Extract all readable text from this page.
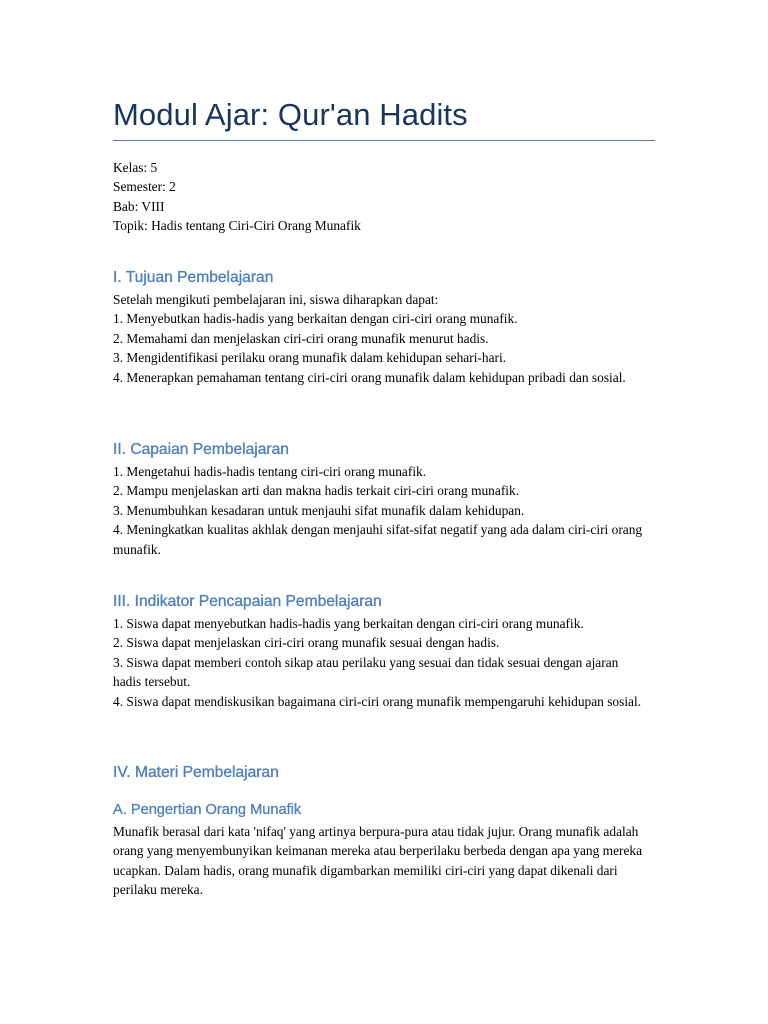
Modul Ajar: Qur'an Hadits
Kelas: 5
Semester: 2
Bab: VIII
Topik: Hadis tentang Ciri-Ciri Orang Munafik
I. Tujuan Pembelajaran
Setelah mengikuti pembelajaran ini, siswa diharapkan dapat:
1. Menyebutkan hadis-hadis yang berkaitan dengan ciri-ciri orang munafik.
2. Memahami dan menjelaskan ciri-ciri orang munafik menurut hadis.
3. Mengidentifikasi perilaku orang munafik dalam kehidupan sehari-hari.
4. Menerapkan pemahaman tentang ciri-ciri orang munafik dalam kehidupan pribadi dan sosial.
II. Capaian Pembelajaran
1. Mengetahui hadis-hadis tentang ciri-ciri orang munafik.
2. Mampu menjelaskan arti dan makna hadis terkait ciri-ciri orang munafik.
3. Menumbuhkan kesadaran untuk menjauhi sifat munafik dalam kehidupan.
4. Meningkatkan kualitas akhlak dengan menjauhi sifat-sifat negatif yang ada dalam ciri-ciri orang munafik.
III. Indikator Pencapaian Pembelajaran
1. Siswa dapat menyebutkan hadis-hadis yang berkaitan dengan ciri-ciri orang munafik.
2. Siswa dapat menjelaskan ciri-ciri orang munafik sesuai dengan hadis.
3. Siswa dapat memberi contoh sikap atau perilaku yang sesuai dan tidak sesuai dengan ajaran hadis tersebut.
4. Siswa dapat mendiskusikan bagaimana ciri-ciri orang munafik mempengaruhi kehidupan sosial.
IV. Materi Pembelajaran
A. Pengertian Orang Munafik
Munafik berasal dari kata 'nifaq' yang artinya berpura-pura atau tidak jujur. Orang munafik adalah orang yang menyembunyikan keimanan mereka atau berperilaku berbeda dengan apa yang mereka ucapkan. Dalam hadis, orang munafik digambarkan memiliki ciri-ciri yang dapat dikenali dari perilaku mereka.
